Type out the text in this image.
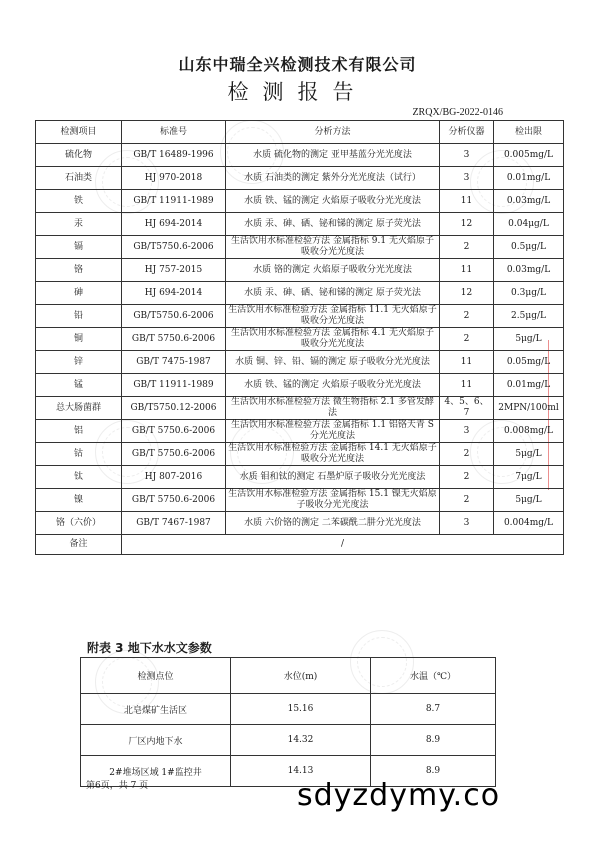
山东中瑞全兴检测技术有限公司
检测报告
ZRQX/BG-2022-0146
检测项目	标准号	分析方法	分析仪器	检出限
硫化物	GB/T 16489-1996	水质 硫化物的测定 亚甲基蓝分光光度法	3	0.005mg/L
石油类	HJ 970-2018	水质 石油类的测定 紫外分光光度法（试行）	3	0.01mg/L
铁	GB/T 11911-1989	水质 铁、锰的测定 火焰原子吸收分光光度法	11	0.03mg/L
汞	HJ 694-2014	水质 汞、砷、硒、铋和锑的测定 原子荧光法	12	0.04μg/L
镉	GB/T5750.6-2006	生活饮用水标准检验方法 金属指标 9.1 无火焰原子吸收分光光度法	2	0.5μg/L
铬	HJ 757-2015	水质 铬的测定 火焰原子吸收分光光度法	11	0.03mg/L
砷	HJ 694-2014	水质 汞、砷、硒、铋和锑的测定 原子荧光法	12	0.3μg/L
铅	GB/T5750.6-2006	生活饮用水标准检验方法 金属指标 11.1 无火焰原子吸收分光光度法	2	2.5μg/L
铜	GB/T 5750.6-2006	生活饮用水标准检验方法 金属指标 4.1 无火焰原子吸收分光光度法	2	5μg/L
锌	GB/T 7475-1987	水质 铜、锌、铅、镉的测定 原子吸收分光光度法	11	0.05mg/L
锰	GB/T 11911-1989	水质 铁、锰的测定 火焰原子吸收分光光度法	11	0.01mg/L
总大肠菌群	GB/T5750.12-2006	生活饮用水标准检验方法 微生物指标 2.1 多管发酵法	4、5、6、7	2MPN/100ml
铝	GB/T 5750.6-2006	生活饮用水标准检验方法 金属指标 1.1 铝铬天青 S 分光光度法	3	0.008mg/L
钴	GB/T 5750.6-2006	生活饮用水标准检验方法 金属指标 14.1 无火焰原子吸收分光光度法	2	5μg/L
钛	HJ 807-2016	水质 钼和钛的测定 石墨炉原子吸收分光光度法	2	7μg/L
镍	GB/T 5750.6-2006	生活饮用水标准检验方法 金属指标 15.1 镍无火焰原子吸收分光光度法	2	5μg/L
铬（六价）	GB/T 7467-1987	水质 六价铬的测定 二苯碳酰二肼分光光度法	3	0.004mg/L
备注	/			
附表 3 地下水水文参数
检测点位	水位(m)	水温（℃）
北皂煤矿生活区	15.16	8.7
厂区内地下水	14.32	8.9
2#堆场区域 1#监控井	14.13	8.9
第6页，共 7 页	sdyzdymy.co
